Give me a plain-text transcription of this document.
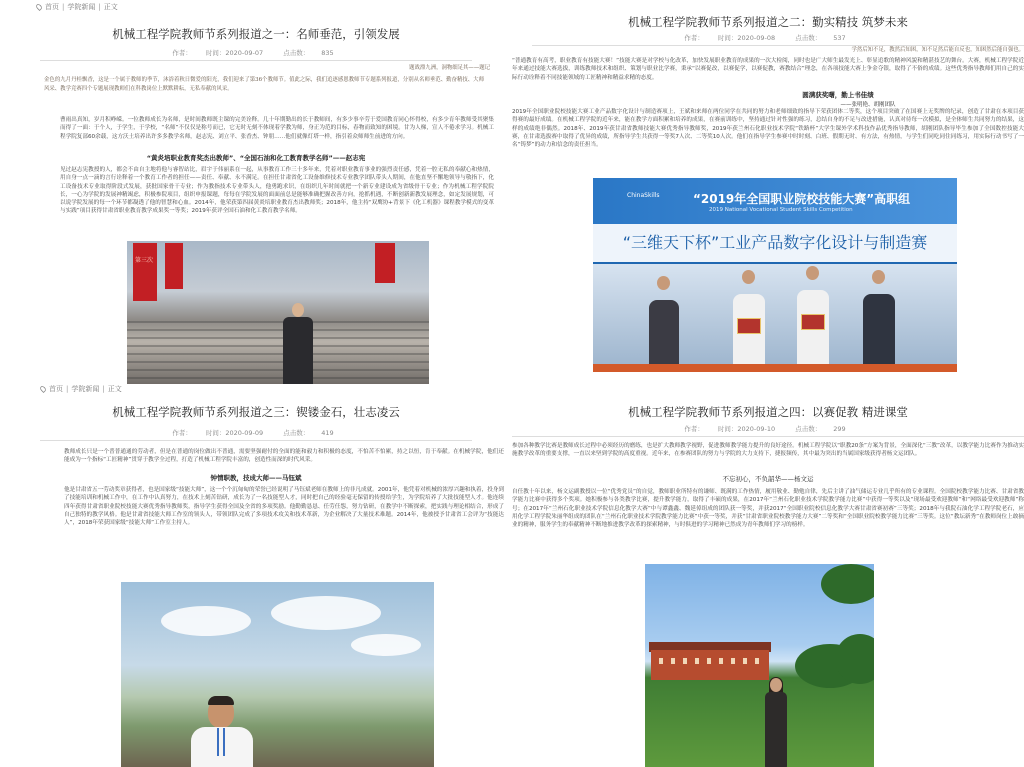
首页 | 学院新闻 | 正文
机械工程学院教师节系列报道之一：名师垂范，引领发展
作者： 时间：2020-09-07	点击数： 835
题战漂九洲，洞物细足其——题记
金色的九月丹桂飘香，这是一个属于教师的季节，沐浴着秋日微爱的阳光，我们迎来了第36个教师节。值此之际，我们追逐感恩教师节专题系列报道，分别从名师垂范、勤奋精技、大师风采、教学竞赛四个专题展现教师们在科教岗位上默默耕耘，无私奉献的风采。
曹雨出真知，岁月积峥嵘。一位教师成长为名师，是时间教师既主课的完美诠释。几十年期勤出的长于教师间，有多少事辛劳于爱国教育同心怀得校，有多少育年教师受其聚集而得了一面：于个人，于学生，于学校，“名师”不仅仅是称号而已，它无时无刻不体现着学教为师，身正为范的目标，春物而致知的困境。甘为人梯，宣人不倦求学习。机械工程学院复部60余载，这方沃土培养出许多多教学名师，赵志宪、刘立平、张香杰、钟朋……他们就像灯塔一样，指引着众师师生前进的方向。
“黄炎培职业教育奖杰出教师”、“全国石油和化工教育教学名师”——赵志宪
见过赵志宪教授的人，都会不由自主地将他与睿智站比，眉宇于伟丽系在一起，从事教育工作三十多年来，凭着对职业教育事业的强烈责任感，凭着一腔无私的奉献心和热情，用自身一点一滴的言行诠释着一个教育工作者的担任——责任、奉献、永不满足。在担任甘肃省化工设备维修技术专业教学团队带头人期间，在他直坚不懈地领导与敬指下，化工设备技术专业取得阶段式发展，获批国家骨干专业；作为教指技术专业带头人，他勇跑求识，在组织几年时间就把一个新专业建设成为省级骨干专业；作为机械工程学院院长，一心为学院的发展神精竭虑，积极参院项目，组织申报课题，每每在学院发展的面面前总是能够准确把握改善方向，抢抓机遇，不断创新新教发展理念，如定发展规划，可以说学院发展的每一个环节都凝透了他的智慧和心血。2014年，他荣获第四届黄炎培职业教育杰出教师奖；2018年，他主持“双鹰协+背景下《化工机器》课程教学模式的变革与实践”项目获得甘肃省职业教育教学成果奖一等奖；2019年获评全国石油和化工教育教学名师。
第三次
机械工程学院教师节系列报道之二：勤实精技 筑梦未来
作者： 时间：2020-09-08	点击数： 537
学然后知不足，教然后知困，知不足然后能自反也，知困然后能自强也。
“普通教育有高考，职业教育有技能大赛！”技能大赛是对学校与化改革，加快发展职业教育的成果的一次大检阅，同时也是广大师生最发光上、彰显追歌的精神风貌和精湛技艺的舞台。大赛，机械工程学院近年来通过技能大赛选拔，训练教师技术和组织、策划与职业比学赛，秉承“以赛促改，以赛促学，以赛促教，赛教结合”理念，在各项技能大赛上争金夺银，取得了不俗的成绩。这些优秀指导教师们用自己的实际行动诠释着不同技能领域的工匠精神和精益求精的态度。
圆满获奖曙，勤上书佳绩
——张明艳、胡刚团队
2019年全国职业院校技能大赛工业产品数字化设计与制造赛项上，王斌和来师在两位同学在共同的努力和老师细致的指导下荣获团体二等奖，这个项目突破了在国赛上无奖牌的纪录，创造了甘肃在本项目获得赛的最好成绩。在机械工程学院的近年来，能在教学方面积累和培养的成果，在赛前训练中，坚持通过针对性强的练习，总结自身的不足与改进措施，认真对待每一次模拟，是全体师生共同努力的结果，这样的成绩绝非偶然。2018年、2019年获甘肃省教师技能大赛优秀指导教师奖，2019年获兰州石化职业技术学院“铁路杯”大学生课外学术科技作品优秀指导教师，胡刚团队指导毕生参加了全国数控技能大赛，在甘肃选拔赛中取得了优异的成绩，所指导学生共获得一等奖7人次、二等奖10人次。他们在指导学生参赛中时时刻、白班、假期无时、有方法，有热情，与学生们同吃同住同练习，用实际行动书写了一名“铸梦”的动力和信念的责任担当。
ChinaSkills	“2019年全国职业院校技能大赛”高职组
2019 National Vocational Student Skills Competition
“三维天下杯”工业产品数字化设计与制造赛
首页 | 学院新闻 | 正文
机械工程学院教师节系列报道之三：锲镂金石，壮志凌云
作者： 时间：2020-09-09	点击数： 419
教师成长只是一个普普通通的劳动者，但是在普通的岗位做出不普通，需要坚强耐付的全面的能和毅力和积极的态度，不怕苦不怕累，持之以恒，肯于奉献。在机械学院，他们还能成为一个指标“工匠精神”贯穿于教学全过程，打造了机械工程学院丰富的，创造性而深的时代风采。
钟情职教，技成大师——马钰斌
他是甘肃省五一劳动奖章获得者，也是国家级“技能大师”，这一个个沉甸甸的荣誉已经说明了马钰斌老师在教师上的非凡成就。2001年，他凭着对机械的浓厚兴趣和执着，投身到了技能培训和机械工作中，在工作中认真努力，在技术上刻苦钻研，成长为了一名技能型人才，同时把自己的经验毫无保留的传授给学生，为学院培养了大批技能型人才。他连续四年获得甘肃省职业院校技能大赛优秀指导教师奖，指导学生获得全国及全省的多项奖励。他勤勤恳恳、任劳任怨，努力钻研，在教学中不断探索，把实践与理论相结合，形成了自己独特的教学风格。他是甘肃省技能大师工作室的领头人，带领团队完成了多项技术攻关和技术革新，为企业解决了大量技术难题。2014年，他被授予甘肃省工会评为“技能达人”，2018年荣获国家级“技能大师”工作室主持人。
机械工程学院教师节系列报道之四：以赛促教 精进课堂
作者： 时间：2020-09-10	点击数： 299
参加各种教学比赛是教师成长过程中必须经历的磨练，也是扩大教师教学视野，促进教师教学能力提升的良好途径。机械工程学院以“职教20条”方案为背景，全面深化“三教”改革，以教学能力比赛作为推动实施教学改革的重要支撑，一直以来坚到学院的高度重视。近年来，在参赛团队的努力与学院的大力支持下，捷报频传，其中最为突出的当属国家级获得者杨文运团队。
不忘初心，不负韶华——杨文运
自任教十年以来，杨文运副教授以一位“优秀党员”的自觉，教师职业所特有的谦师、既满的工作热情，履用敬业、勤勉自律，先后主讲了油气储运专业几乎所有的专业课程。全国院校教学能力比赛、甘肃省教学能力比赛中获得多个奖项。她积极参与各类教学比赛，提升教学能力，取得了丰硕的成果，在2017年“兰州石化职业技术学院教学能力比赛”中获得一等奖以及“现场最受欢迎教师”和“网络最受欢迎教师”称号；在2017年“兰州石化职业技术学院信息化教学大赛”中与谭鑫鑫、魏延倬组成的团队获一等奖，并获2017“全国职业院校信息化教学大赛甘肃省赛初赛”三等奖；2018年与我院石油化学工程学院老石，应用化学工程学院朱丽华组成的团队在“兰州石化职业技术学院教学能力比赛”中获一等奖，并获“甘肃省职业院校教学能力大赛”二等奖和“全国职业院校教学能力比赛”三等奖。这位“教坛新秀”在教师岗位上敢摘业的精神，服务学生的奉献精神不断地推进教学改革的探索精神，与时俱进的学习精神已然成为青年教师们学习的榜样。
